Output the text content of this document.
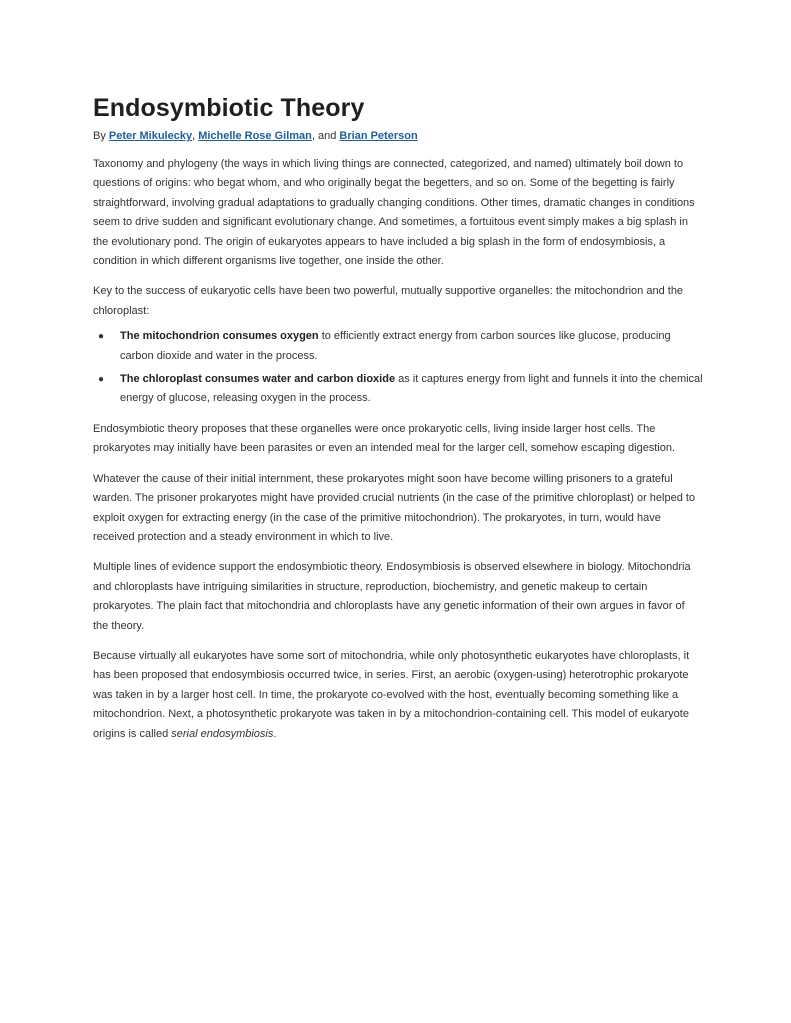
Endosymbiotic Theory
By Peter Mikulecky, Michelle Rose Gilman, and Brian Peterson

Taxonomy and phylogeny (the ways in which living things are connected, categorized, and named) ultimately boil down to questions of origins: who begat whom, and who originally begat the begetters, and so on. Some of the begetting is fairly straightforward, involving gradual adaptations to gradually changing conditions. Other times, dramatic changes in conditions seem to drive sudden and significant evolutionary change. And sometimes, a fortuitous event simply makes a big splash in the evolutionary pond. The origin of eukaryotes appears to have included a big splash in the form of endosymbiosis, a condition in which different organisms live together, one inside the other.

Key to the success of eukaryotic cells have been two powerful, mutually supportive organelles: the mitochondrion and the chloroplast:

● The mitochondrion consumes oxygen to efficiently extract energy from carbon sources like glucose, producing carbon dioxide and water in the process.
● The chloroplast consumes water and carbon dioxide as it captures energy from light and funnels it into the chemical energy of glucose, releasing oxygen in the process.

Endosymbiotic theory proposes that these organelles were once prokaryotic cells, living inside larger host cells. The prokaryotes may initially have been parasites or even an intended meal for the larger cell, somehow escaping digestion.

Whatever the cause of their initial internment, these prokaryotes might soon have become willing prisoners to a grateful warden. The prisoner prokaryotes might have provided crucial nutrients (in the case of the primitive chloroplast) or helped to exploit oxygen for extracting energy (in the case of the primitive mitochondrion). The prokaryotes, in turn, would have received protection and a steady environment in which to live.

Multiple lines of evidence support the endosymbiotic theory. Endosymbiosis is observed elsewhere in biology. Mitochondria and chloroplasts have intriguing similarities in structure, reproduction, biochemistry, and genetic makeup to certain prokaryotes. The plain fact that mitochondria and chloroplasts have any genetic information of their own argues in favor of the theory.

Because virtually all eukaryotes have some sort of mitochondria, while only photosynthetic eukaryotes have chloroplasts, it has been proposed that endosymbiosis occurred twice, in series. First, an aerobic (oxygen-using) heterotrophic prokaryote was taken in by a larger host cell. In time, the prokaryote co-evolved with the host, eventually becoming something like a mitochondrion. Next, a photosynthetic prokaryote was taken in by a mitochondrion-containing cell. This model of eukaryote origins is called serial endosymbiosis.
